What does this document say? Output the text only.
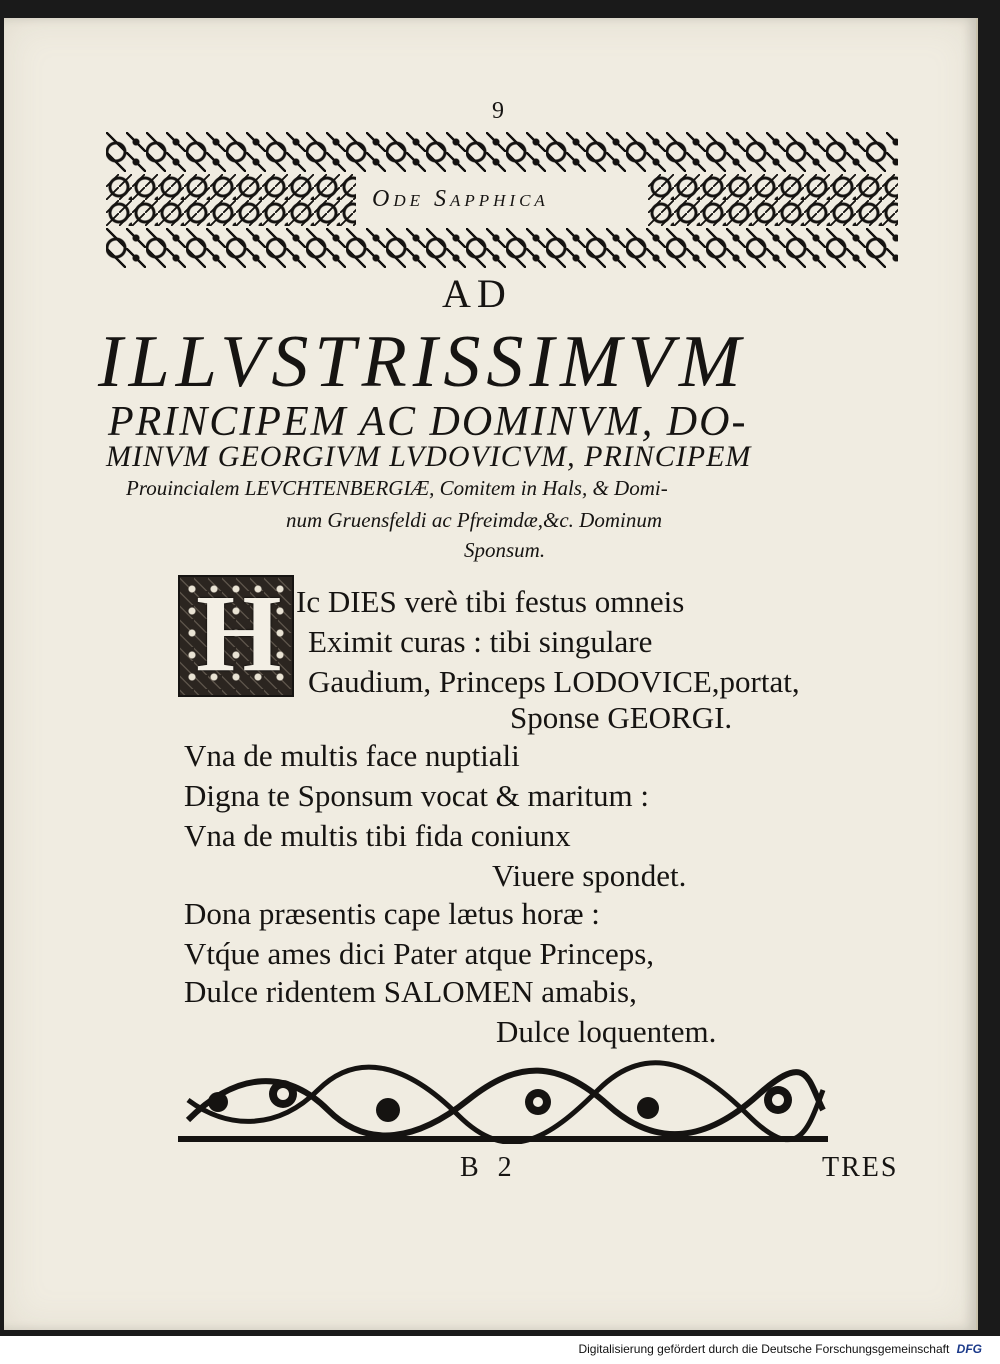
9
Ode Sapphica
AD
ILLVSTRISSIMVM
PRINCIPEM AC DOMINVM, DO-
MINVM GEORGIVM LVDOVICVM, PRINCIPEM
Prouincialem LEVCHTENBERGIÆ, Comitem in Hals, & Domi-
num Gruensfeldi ac Pfreimdæ,&c. Dominum
Sponsum.
H Ic DIES verè tibi festus omneis
Eximit curas : tibi singulare
Gaudium, Princeps LODOVICE,portat,
Sponse GEORGI.
Vna de multis face nuptiali
Digna te Sponsum vocat & maritum :
Vna de multis tibi fida coniunx
Viuere spondet.
Dona præsentis cape lætus horæ :
Vtq́ue ames dici Pater atque Princeps,
Dulce ridentem SALOMEN amabis,
Dulce loquentem.
B 2	TRES
Digitalisierung gefördert durch die Deutsche Forschungsgemeinschaft DFG
